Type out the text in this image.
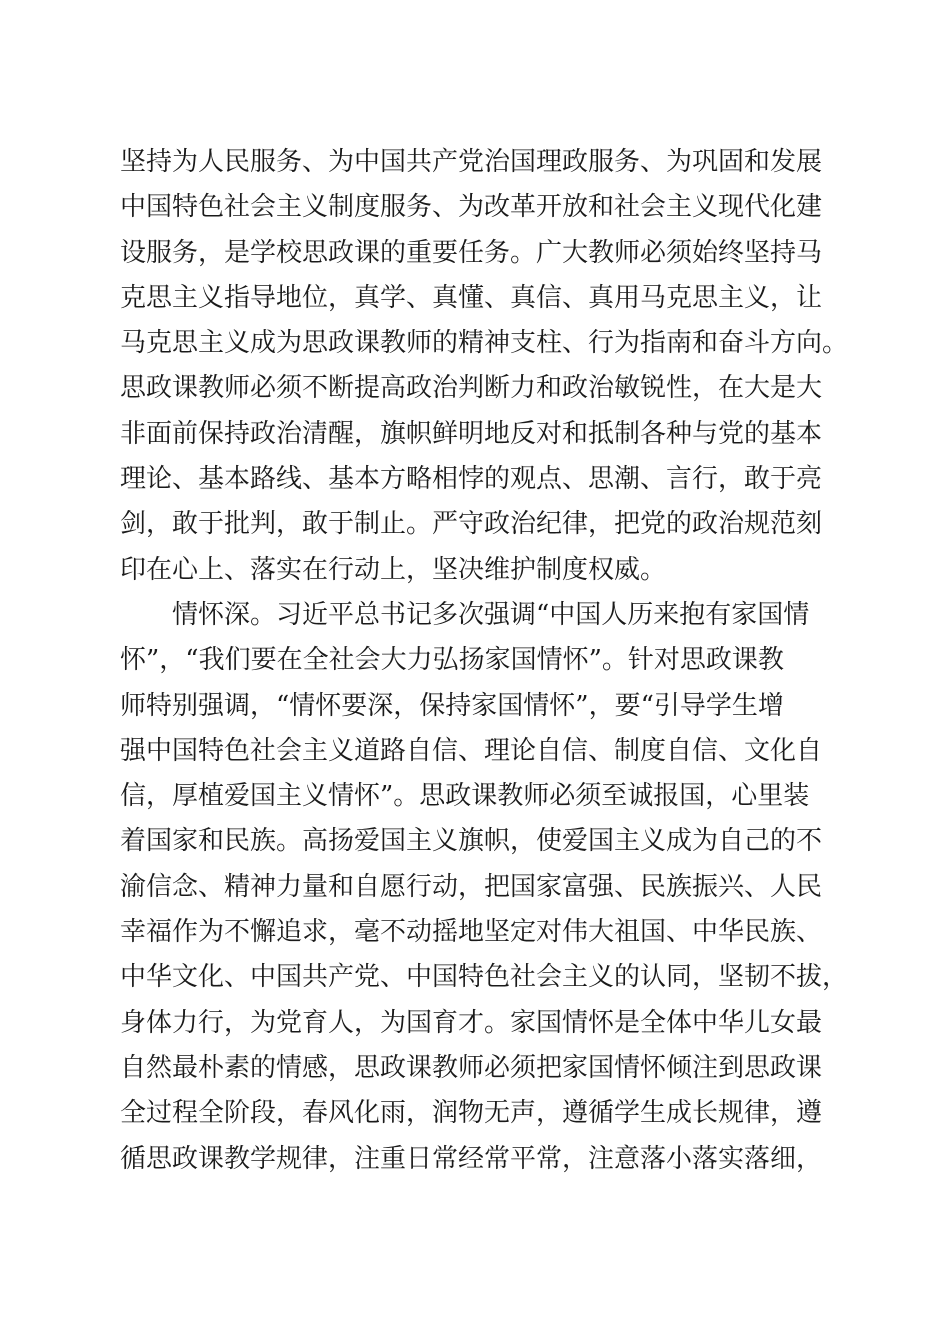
坚持为人民服务、为中国共产党治国理政服务、为巩固和发展
中国特色社会主义制度服务、为改革开放和社会主义现代化建
设服务，是学校思政课的重要任务。广大教师必须始终坚持马
克思主义指导地位，真学、真懂、真信、真用马克思主义，让
马克思主义成为思政课教师的精神支柱、行为指南和奋斗方向。
思政课教师必须不断提高政治判断力和政治敏锐性，在大是大
非面前保持政治清醒，旗帜鲜明地反对和抵制各种与党的基本
理论、基本路线、基本方略相悖的观点、思潮、言行，敢于亮
剑，敢于批判，敢于制止。严守政治纪律，把党的政治规范刻
印在心上、落实在行动上，坚决维护制度权威。
情怀深。习近平总书记多次强调“中国人历来抱有家国情
怀”，“我们要在全社会大力弘扬家国情怀”。针对思政课教
师特别强调，“情怀要深，保持家国情怀”，要“引导学生增
强中国特色社会主义道路自信、理论自信、制度自信、文化自
信，厚植爱国主义情怀”。思政课教师必须至诚报国，心里装
着国家和民族。高扬爱国主义旗帜，使爱国主义成为自己的不
渝信念、精神力量和自愿行动，把国家富强、民族振兴、人民
幸福作为不懈追求，毫不动摇地坚定对伟大祖国、中华民族、
中华文化、中国共产党、中国特色社会主义的认同，坚韧不拔，
身体力行，为党育人，为国育才。家国情怀是全体中华儿女最
自然最朴素的情感，思政课教师必须把家国情怀倾注到思政课
全过程全阶段，春风化雨，润物无声，遵循学生成长规律，遵
循思政课教学规律，注重日常经常平常，注意落小落实落细，
